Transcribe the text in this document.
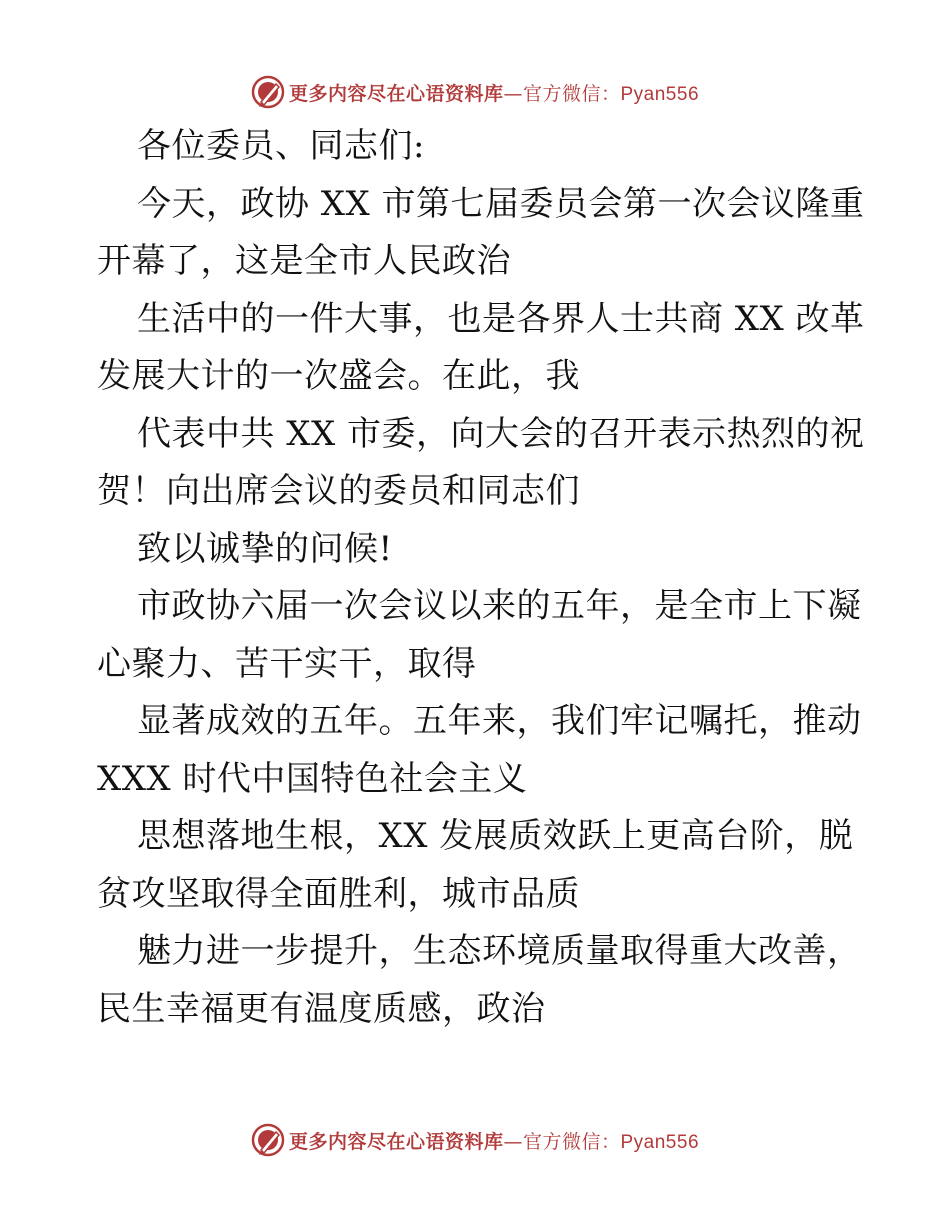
更多内容尽在心语资料库—官方微信：Pyan556
各位委员、同志们:
今天，政协 XX 市第七届委员会第一次会议隆重
开幕了，这是全市人民政治
生活中的一件大事，也是各界人士共商 XX 改革
发展大计的一次盛会。在此，我
代表中共 XX 市委，向大会的召开表示热烈的祝
贺！向出席会议的委员和同志们
致以诚挚的问候!
市政协六届一次会议以来的五年，是全市上下凝
心聚力、苦干实干，取得
显著成效的五年。五年来，我们牢记嘱托，推动
XXX 时代中国特色社会主义
思想落地生根，XX 发展质效跃上更高台阶，脱
贫攻坚取得全面胜利，城市品质
魅力进一步提升，生态环境质量取得重大改善，
民生幸福更有温度质感，政治
更多内容尽在心语资料库—官方微信：Pyan556
